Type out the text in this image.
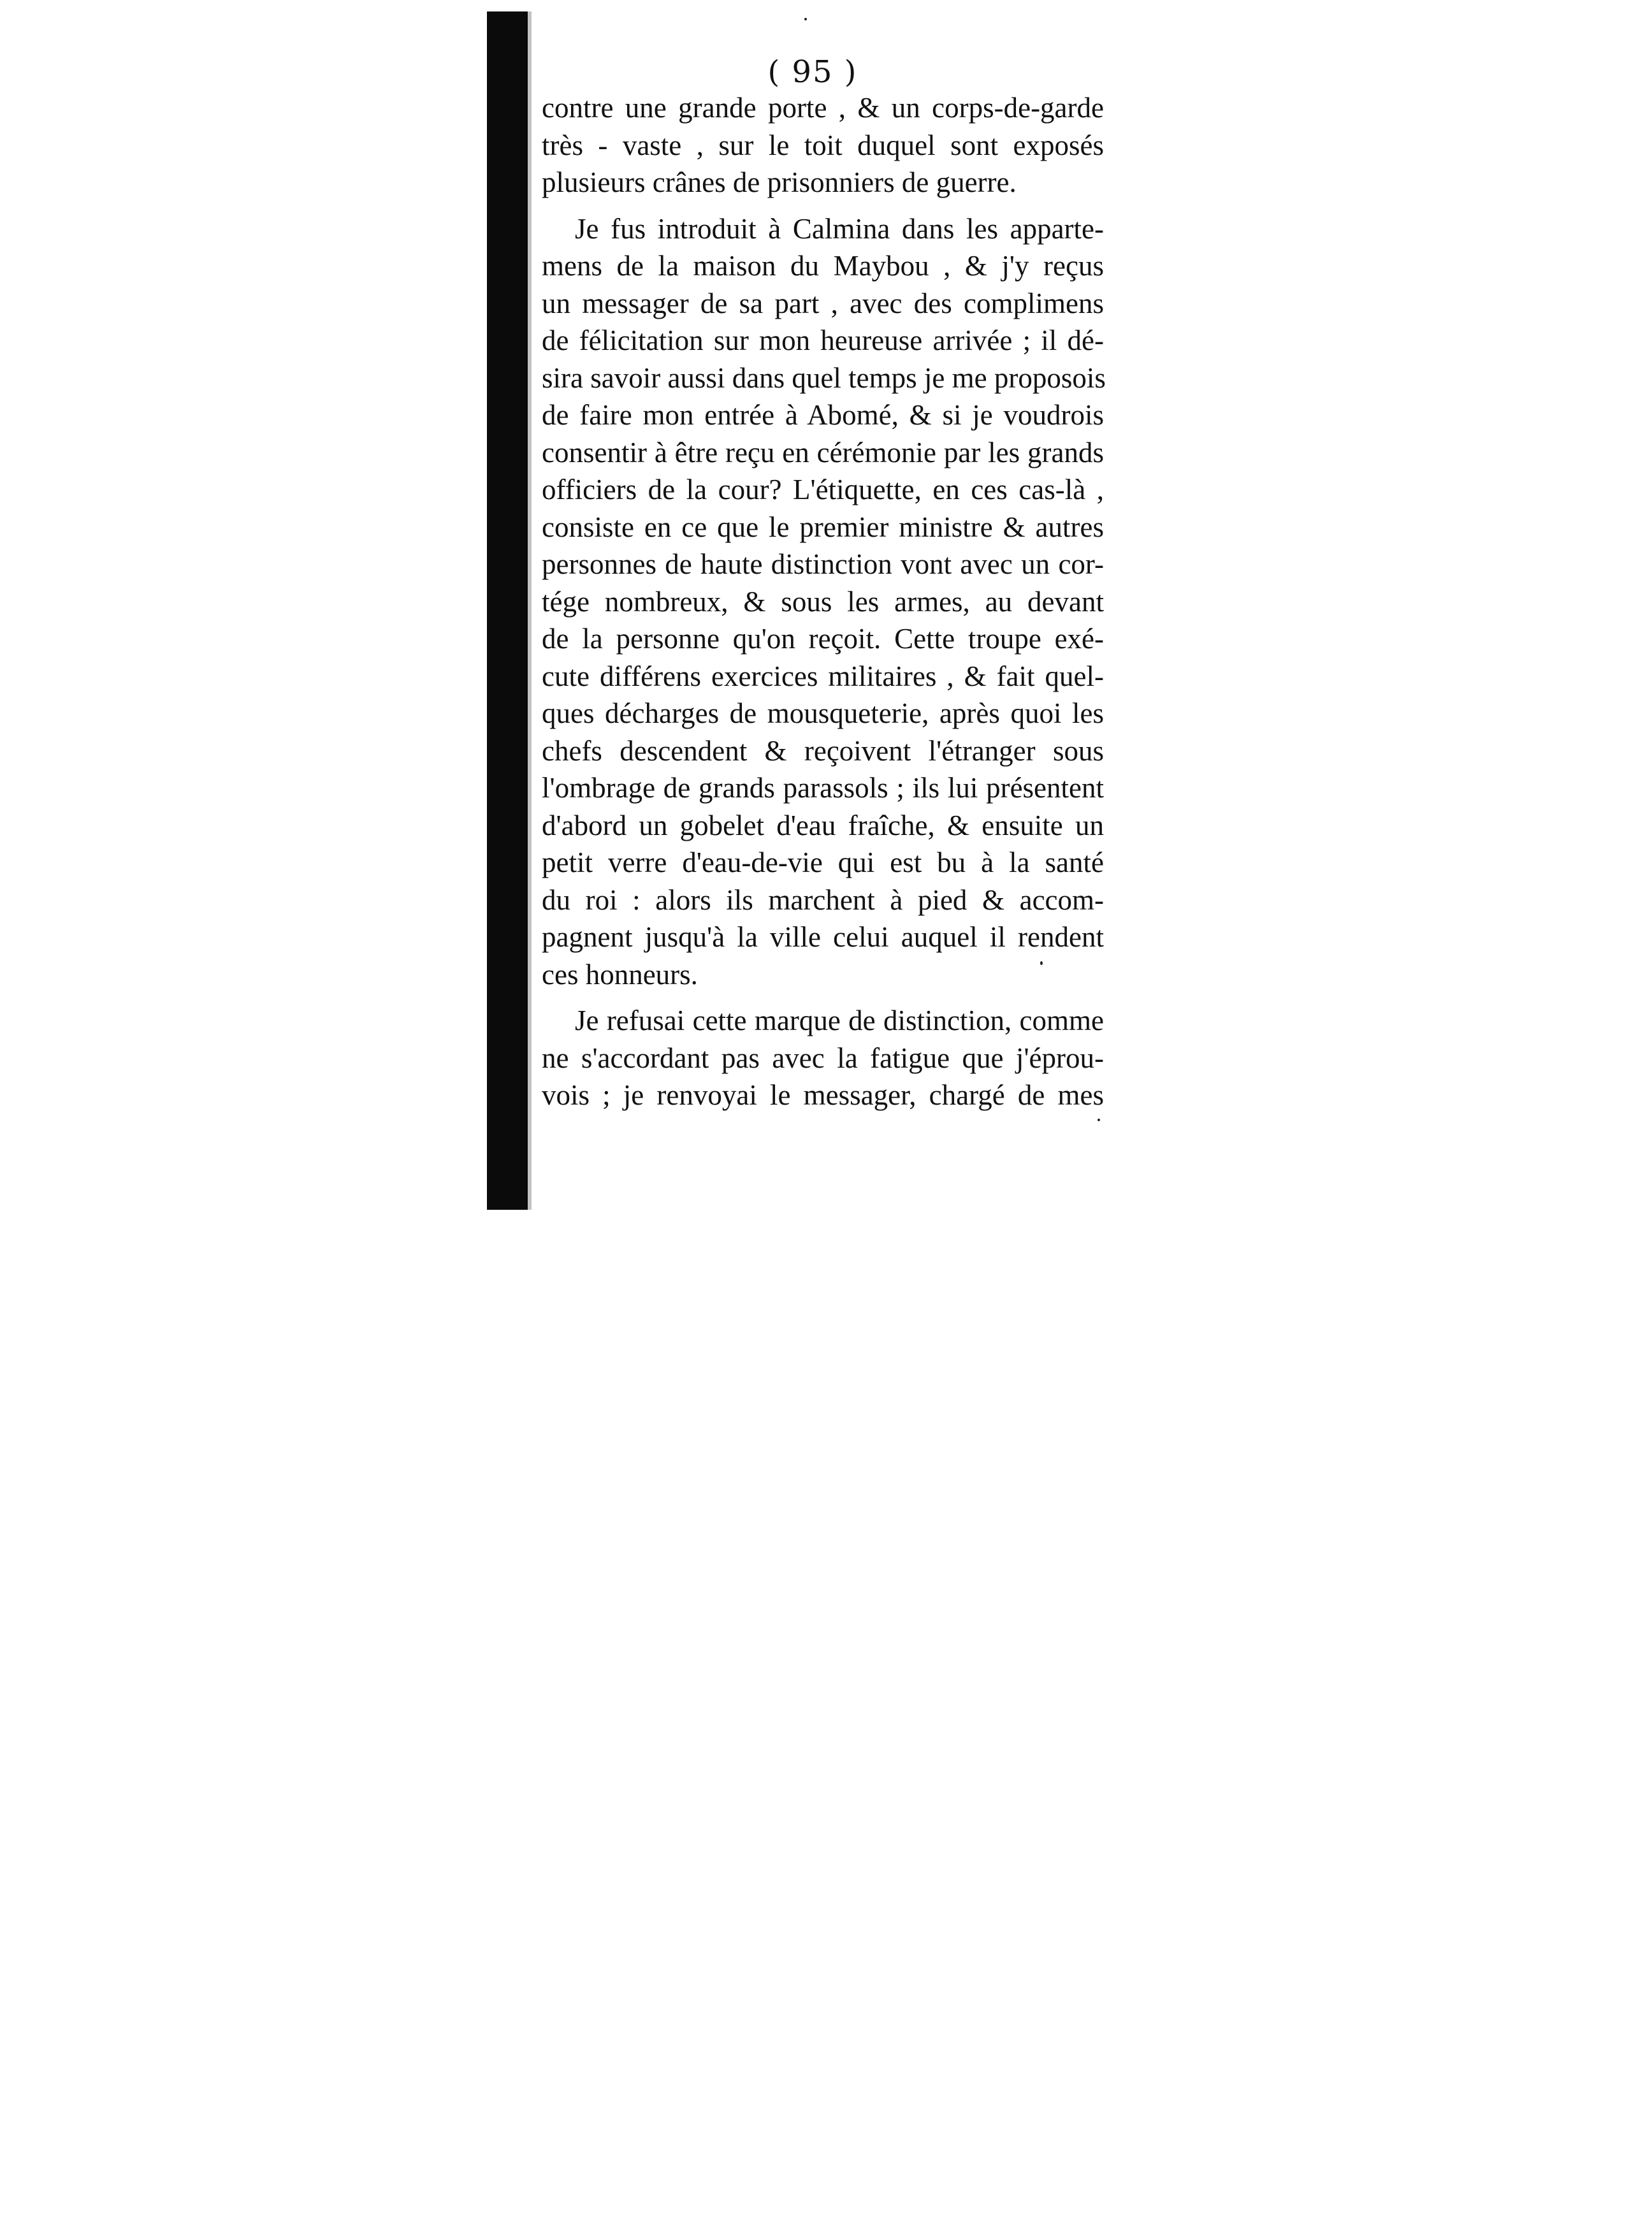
( 95 )
contre une grande porte , & un corps-de-garde
très - vaste , sur le toit duquel sont exposés
plusieurs crânes de prisonniers de guerre.
Je fus introduit à Calmina dans les apparte-
mens de la maison du Maybou , & j'y reçus
un messager de sa part , avec des complimens
de félicitation sur mon heureuse arrivée ; il dé-
sira savoir aussi dans quel temps je me proposois
de faire mon entrée à Abomé, & si je voudrois
consentir à être reçu en cérémonie par les grands
officiers de la cour? L'étiquette, en ces cas-là ,
consiste en ce que le premier ministre & autres
personnes de haute distinction vont avec un cor-
tége nombreux, & sous les armes, au devant
de la personne qu'on reçoit. Cette troupe exé-
cute différens exercices militaires , & fait quel-
ques décharges de mousqueterie, après quoi les
chefs descendent & reçoivent l'étranger sous
l'ombrage de grands parassols ; ils lui présentent
d'abord un gobelet d'eau fraîche, & ensuite un
petit verre d'eau-de-vie qui est bu à la santé
du roi : alors ils marchent à pied & accom-
pagnent jusqu'à la ville celui auquel il rendent
ces honneurs.
Je refusai cette marque de distinction, comme
ne s'accordant pas avec la fatigue que j'éprou-
vois ; je renvoyai le messager, chargé de mes
